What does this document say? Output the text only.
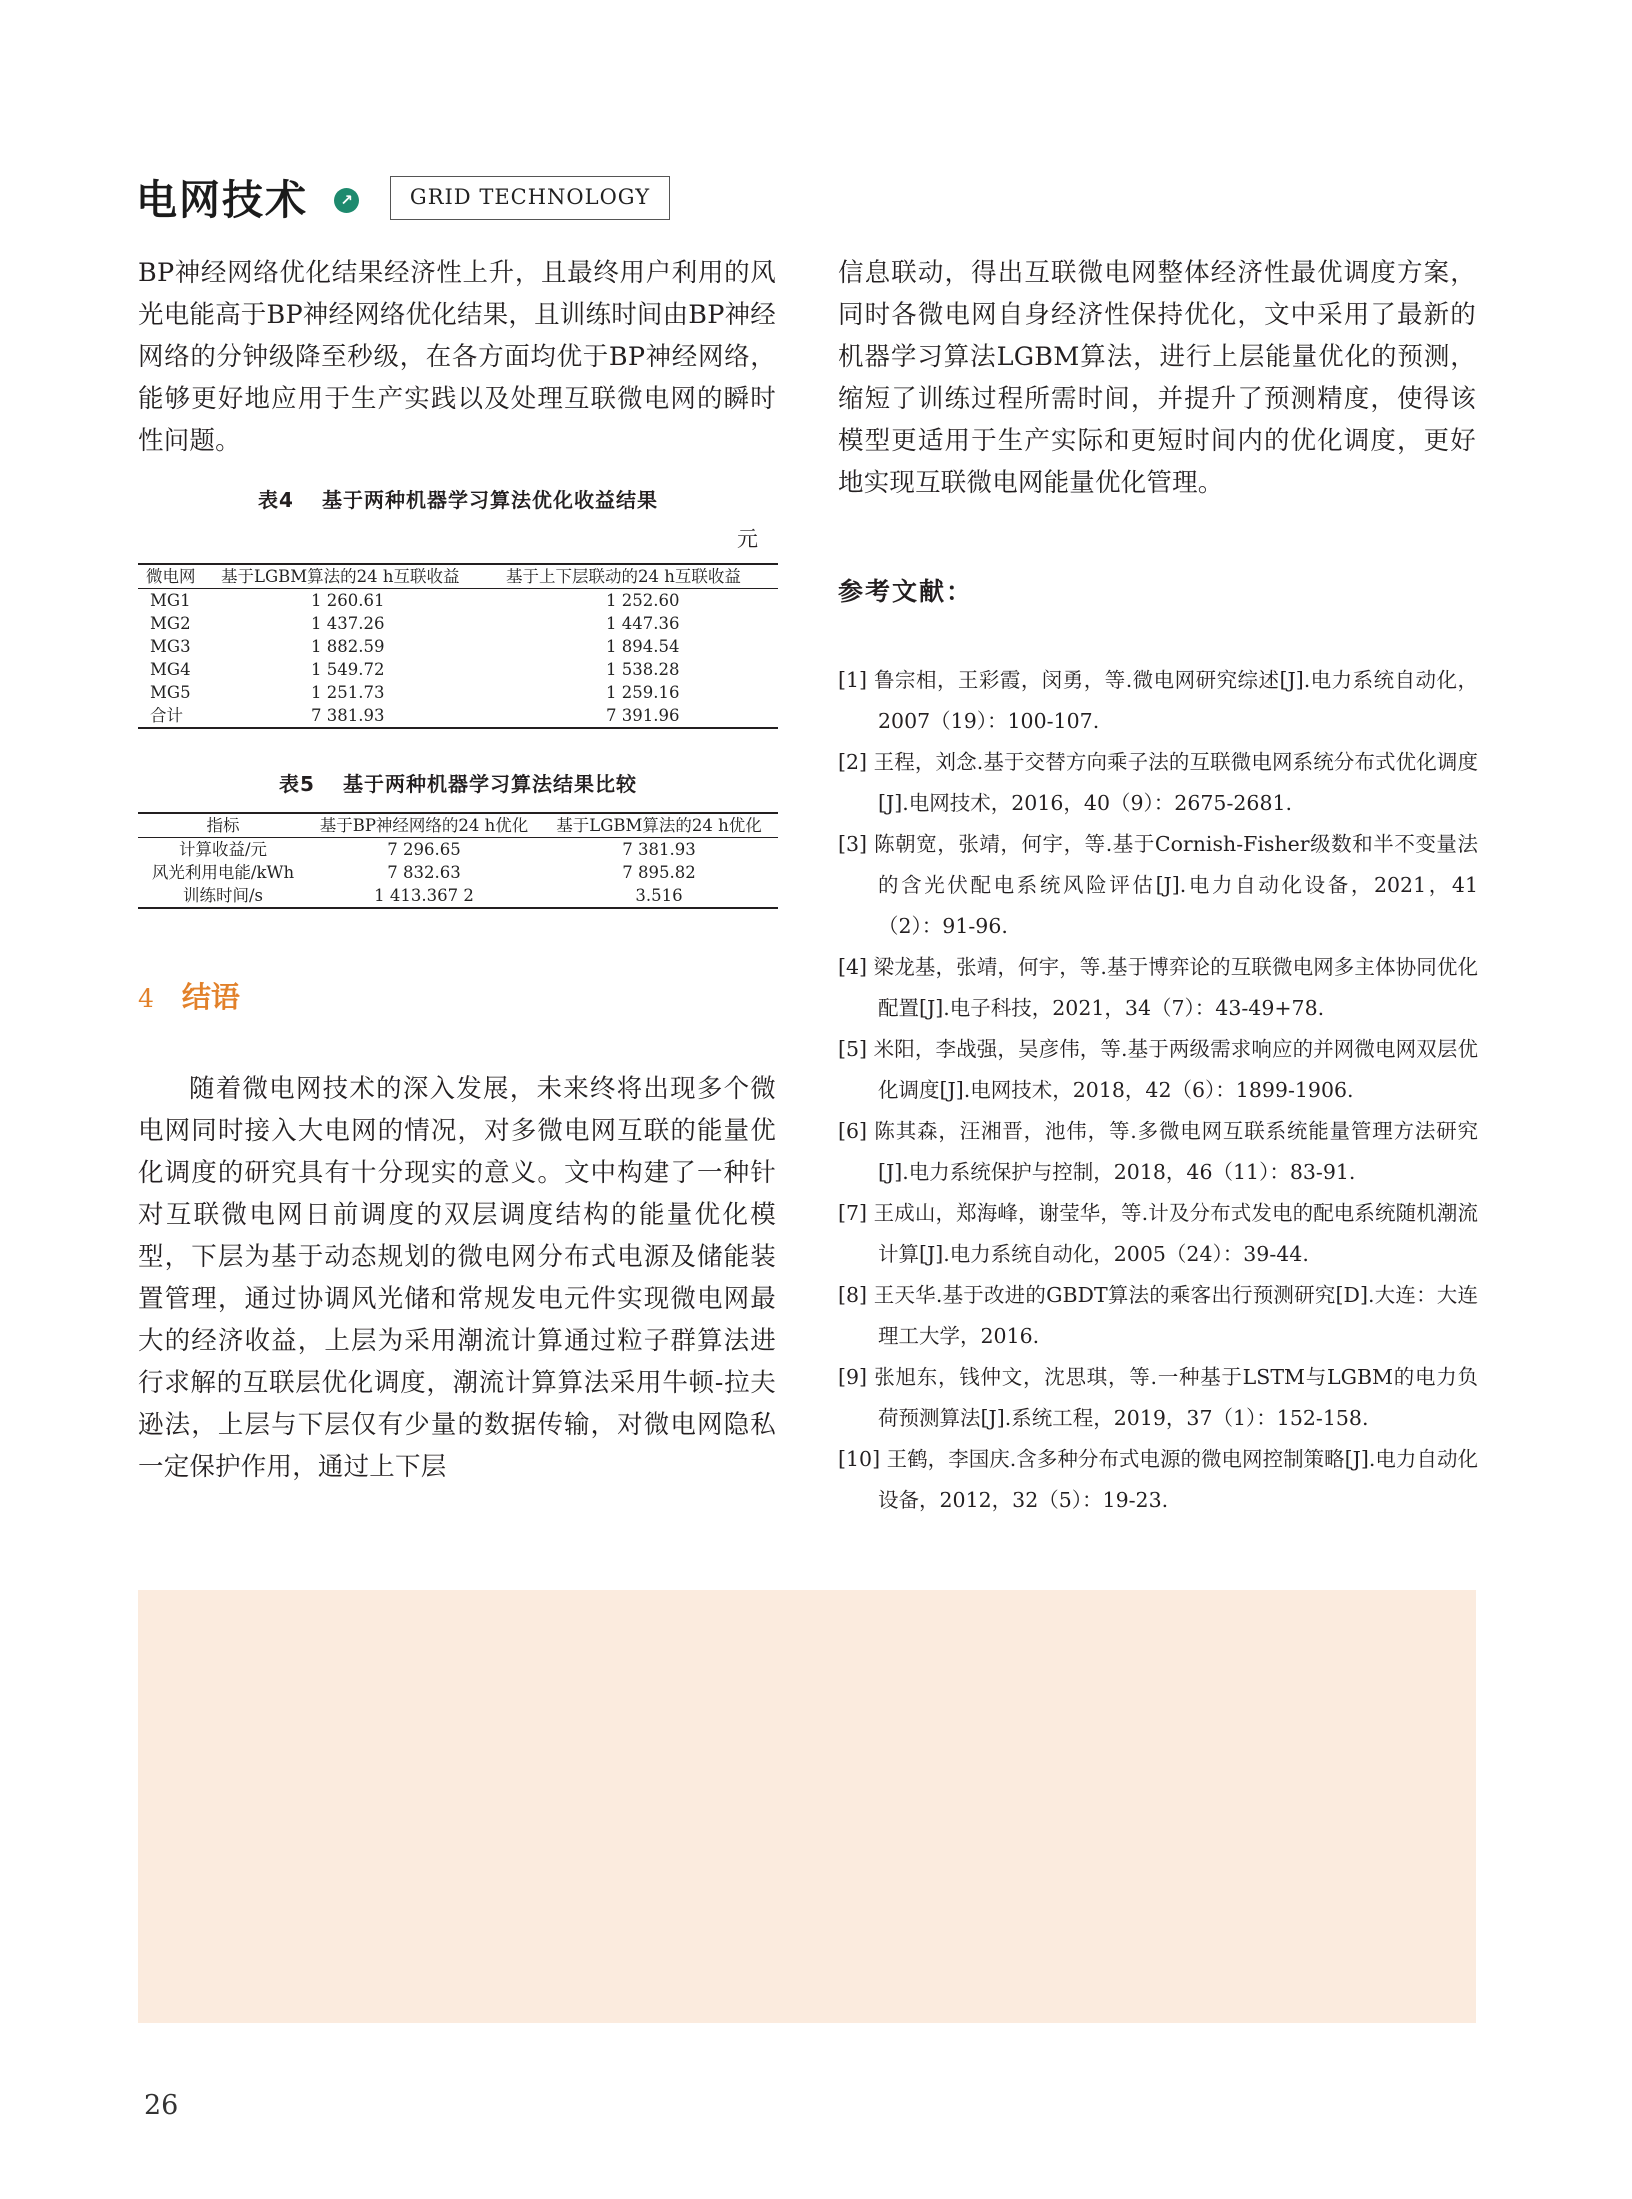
电网技术	↗	GRID TECHNOLOGY

BP神经网络优化结果经济性上升，且最终用户利用的风光电能高于BP神经网络优化结果，且训练时间由BP神经网络的分钟级降至秒级，在各方面均优于BP神经网络，能够更好地应用于生产实践以及处理互联微电网的瞬时性问题。

表4 基于两种机器学习算法优化收益结果
元
微电网	基于LGBM算法的24 h互联收益	基于上下层联动的24 h互联收益
MG1	1 260.61	1 252.60
MG2	1 437.26	1 447.36
MG3	1 882.59	1 894.54
MG4	1 549.72	1 538.28
MG5	1 251.73	1 259.16
合计	7 381.93	7 391.96
表5 基于两种机器学习算法结果比较
指标	基于BP神经网络的24 h优化	基于LGBM算法的24 h优化
计算收益/元	7 296.65	7 381.93
风光利用电能/kWh	7 832.63	7 895.82
训练时间/s	1 413.367 2	3.516
4 结语

随着微电网技术的深入发展，未来终将出现多个微电网同时接入大电网的情况，对多微电网互联的能量优化调度的研究具有十分现实的意义。文中构建了一种针对互联微电网日前调度的双层调度结构的能量优化模型，下层为基于动态规划的微电网分布式电源及储能装置管理，通过协调风光储和常规发电元件实现微电网最大的经济收益，上层为采用潮流计算通过粒子群算法进行求解的互联层优化调度，潮流计算算法采用牛顿-拉夫逊法，上层与下层仅有少量的数据传输，对微电网隐私一定保护作用，通过上下层

信息联动，得出互联微电网整体经济性最优调度方案，同时各微电网自身经济性保持优化，文中采用了最新的机器学习算法LGBM算法，进行上层能量优化的预测，缩短了训练过程所需时间，并提升了预测精度，使得该模型更适用于生产实际和更短时间内的优化调度，更好地实现互联微电网能量优化管理。

参考文献：
[1] 鲁宗相，王彩霞，闵勇，等.微电网研究综述[J].电力系统自动化，2007（19）：100-107.
[2] 王程，刘念.基于交替方向乘子法的互联微电网系统分布式优化调度[J].电网技术，2016，40（9）：2675-2681.
[3] 陈朝宽，张靖，何宇，等.基于Cornish-Fisher级数和半不变量法的含光伏配电系统风险评估[J].电力自动化设备，2021，41（2）：91-96.
[4] 梁龙基，张靖，何宇，等.基于博弈论的互联微电网多主体协同优化配置[J].电子科技，2021，34（7）：43-49+78.
[5] 米阳，李战强，吴彦伟，等.基于两级需求响应的并网微电网双层优化调度[J].电网技术，2018，42（6）：1899-1906.
[6] 陈其森，汪湘晋，池伟，等.多微电网互联系统能量管理方法研究[J].电力系统保护与控制，2018，46（11）：83-91.
[7] 王成山，郑海峰，谢莹华，等.计及分布式发电的配电系统随机潮流计算[J].电力系统自动化，2005（24）：39-44.
[8] 王天华.基于改进的GBDT算法的乘客出行预测研究[D].大连：大连理工大学，2016.
[9] 张旭东，钱仲文，沈思琪，等.一种基于LSTM与LGBM的电力负荷预测算法[J].系统工程，2019，37（1）：152-158.
[10] 王鹤，李国庆.含多种分布式电源的微电网控制策略[J].电力自动化设备，2012，32（5）：19-23.
26
